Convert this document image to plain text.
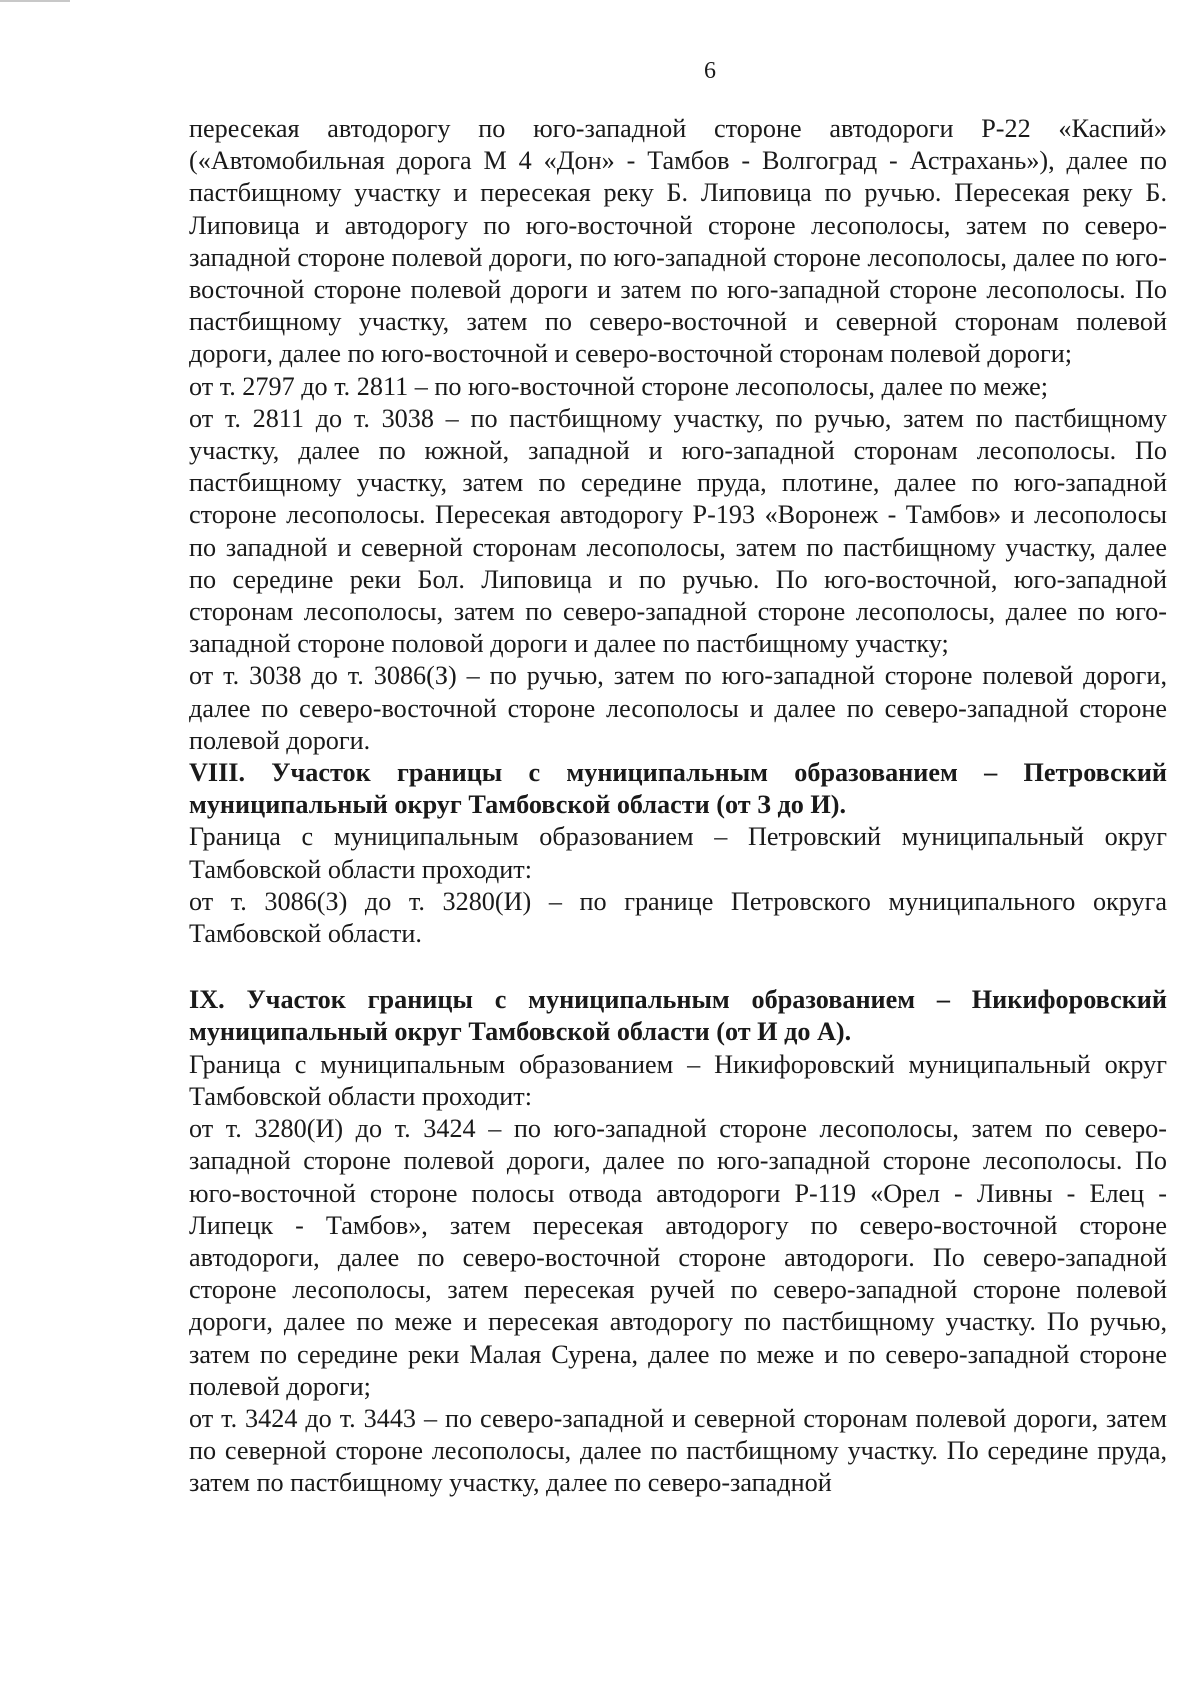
6

пересекая автодорогу по юго-западной стороне автодороги Р-22 «Каспий» («Автомобильная дорога М 4 «Дон» - Тамбов - Волгоград - Астрахань»), далее по пастбищному участку и пересекая реку Б. Липовица по ручью. Пересекая реку Б. Липовица и автодорогу по юго-восточной стороне лесополосы, затем по северо-западной стороне полевой дороги, по юго-западной стороне лесополосы, далее по юго-восточной стороне полевой дороги и затем по юго-западной стороне лесополосы. По пастбищному участку, затем по северо-восточной и северной сторонам полевой дороги, далее по юго-восточной и северо-восточной сторонам полевой дороги;

от т. 2797 до т. 2811 – по юго-восточной стороне лесополосы, далее по меже;

от т. 2811 до т. 3038 – по пастбищному участку, по ручью, затем по пастбищному участку, далее по южной, западной и юго-западной сторонам лесополосы. По пастбищному участку, затем по середине пруда, плотине, далее по юго-западной стороне лесополосы. Пересекая автодорогу Р-193 «Воронеж - Тамбов» и лесополосы по западной и северной сторонам лесополосы, затем по пастбищному участку, далее по середине реки Бол. Липовица и по ручью. По юго-восточной, юго-западной сторонам лесополосы, затем по северо-западной стороне лесополосы, далее по юго-западной стороне половой дороги и далее по пастбищному участку;

от т. 3038 до т. 3086(З) – по ручью, затем по юго-западной стороне полевой дороги, далее по северо-восточной стороне лесополосы и далее по северо-западной стороне полевой дороги.

VIII. Участок границы с муниципальным образованием – Петровский муниципальный округ Тамбовской области (от З до И).

Граница с муниципальным образованием – Петровский муниципальный округ Тамбовской области проходит:

от т. 3086(З) до т. 3280(И) – по границе Петровского муниципального округа Тамбовской области.

IX. Участок границы с муниципальным образованием – Никифоровский муниципальный округ Тамбовской области (от И до А).

Граница с муниципальным образованием – Никифоровский муниципальный округ Тамбовской области проходит:

от т. 3280(И) до т. 3424 – по юго-западной стороне лесополосы, затем по северо-западной стороне полевой дороги, далее по юго-западной стороне лесополосы. По юго-восточной стороне полосы отвода автодороги Р-119 «Орел - Ливны - Елец - Липецк - Тамбов», затем пересекая автодорогу по северо-восточной стороне автодороги, далее по северо-восточной стороне автодороги. По северо-западной стороне лесополосы, затем пересекая ручей по северо-западной стороне полевой дороги, далее по меже и пересекая автодорогу по пастбищному участку. По ручью, затем по середине реки Малая Сурена, далее по меже и по северо-западной стороне полевой дороги;

от т. 3424 до т. 3443 – по северо-западной и северной сторонам полевой дороги, затем по северной стороне лесополосы, далее по пастбищному участку. По середине пруда, затем по пастбищному участку, далее по северо-западной
